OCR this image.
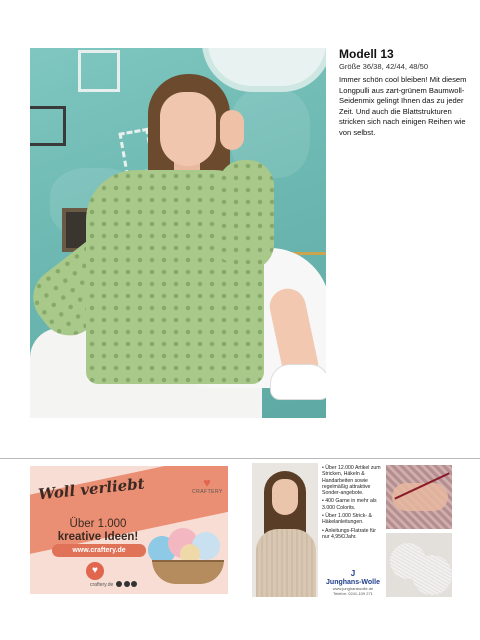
Modell 13
Größe 36/38, 42/44, 48/50
Immer schön cool bleiben! Mit diesem Longpulli aus zart-grünem Baumwoll-Seidenmix gelingt Ihnen das zu jeder Zeit. Und auch die Blattstrukturen stricken sich nach einigen Reihen wie von selbst.
Woll verliebt	♥
CRAFTERY
Über 1.000
kreative Ideen!
www.craftery.de
♥
craftery.de

• Über 12.000 Artikel zum Stricken, Häkeln & Handarbeiten sowie regelmäßig attraktive Sonder-angebote.
• 400 Garne in mehr als 3.000 Colorits.
• Über 1.000 Strick- & Häkelanleitungen.
• Anleitungs-Flatrate für nur 4,95€/Jahr.
J
Junghans-Wolle
www.junghanswolle.de
Telefon: 0241-109 271
